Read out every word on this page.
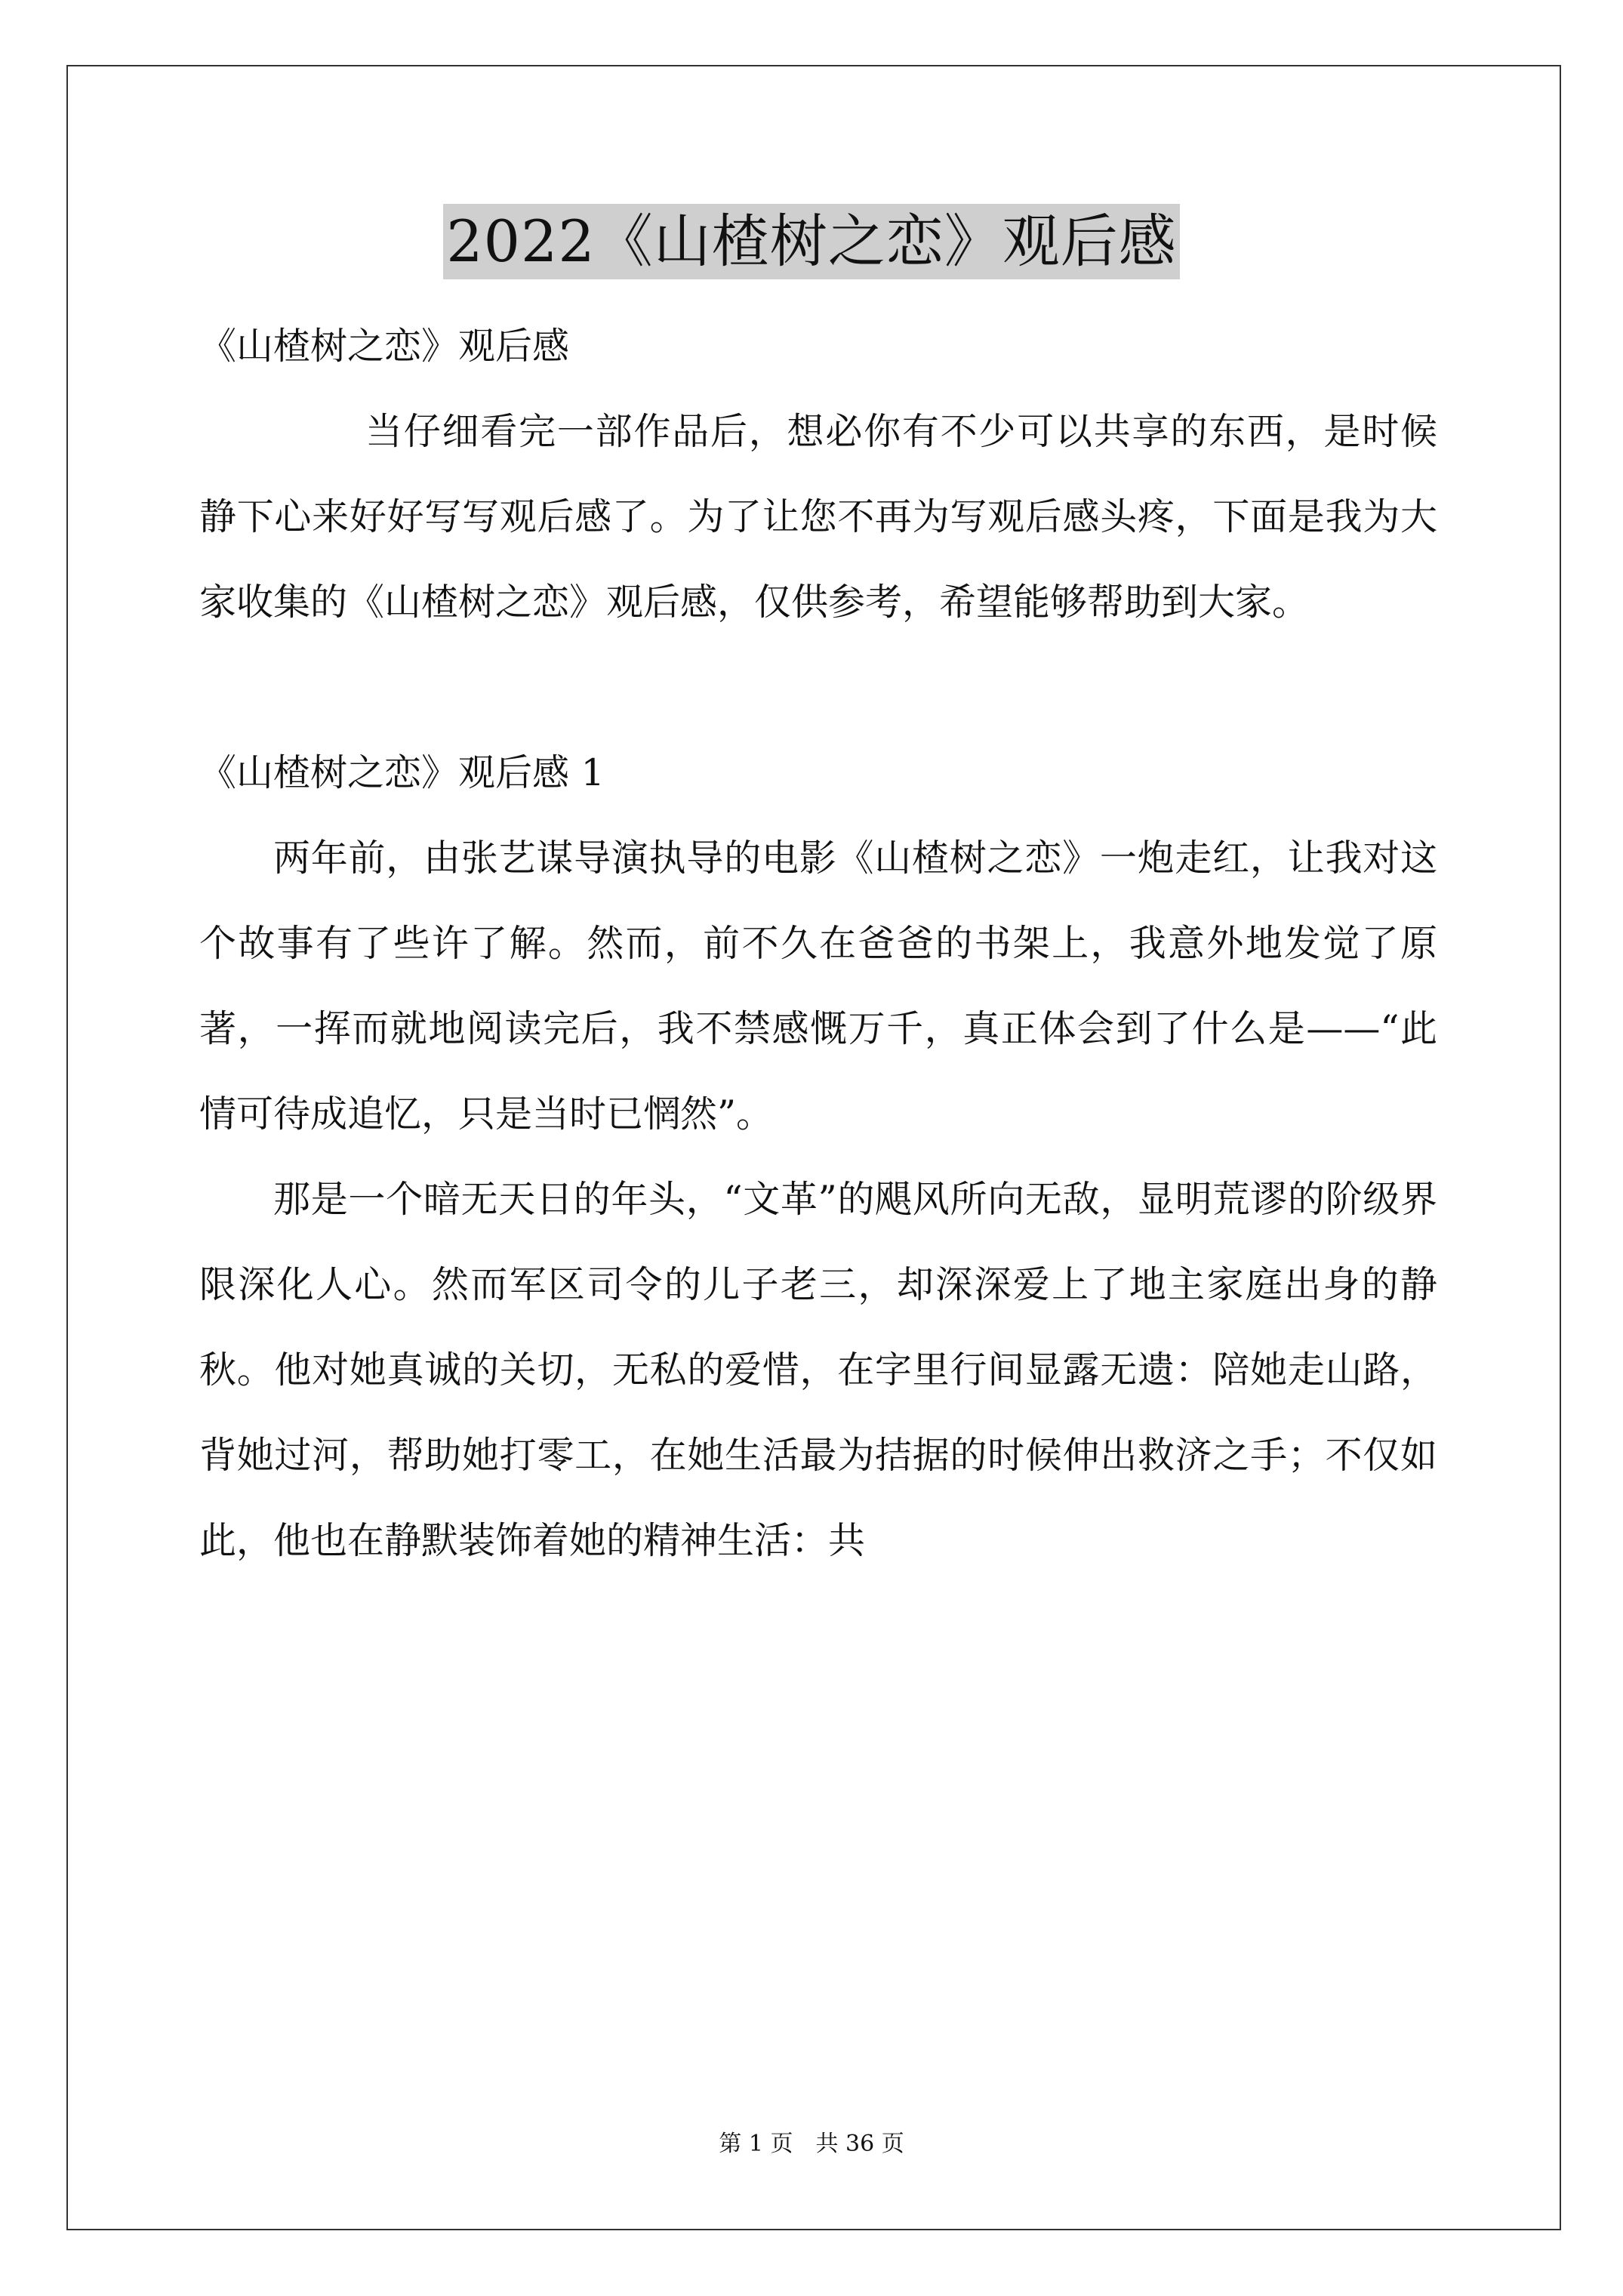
2022《山楂树之恋》观后感

《山楂树之恋》观后感

当仔细看完一部作品后，想必你有不少可以共享的东西，是时候静下心来好好写写观后感了。为了让您不再为写观后感头疼，下面是我为大家收集的《山楂树之恋》观后感，仅供参考，希望能够帮助到大家。

《山楂树之恋》观后感 1

两年前，由张艺谋导演执导的电影《山楂树之恋》一炮走红，让我对这个故事有了些许了解。然而，前不久在爸爸的书架上，我意外地发觉了原著，一挥而就地阅读完后，我不禁感慨万千，真正体会到了什么是——“此情可待成追忆，只是当时已惘然”。

那是一个暗无天日的年头，“文革”的飓风所向无敌，显明荒谬的阶级界限深化人心。然而军区司令的儿子老三，却深深爱上了地主家庭出身的静秋。他对她真诚的关切，无私的爱惜，在字里行间显露无遗：陪她走山路，背她过河，帮助她打零工，在她生活最为拮据的时候伸出救济之手；不仅如此，他也在静默装饰着她的精神生活：共

第 1 页 共 36 页
